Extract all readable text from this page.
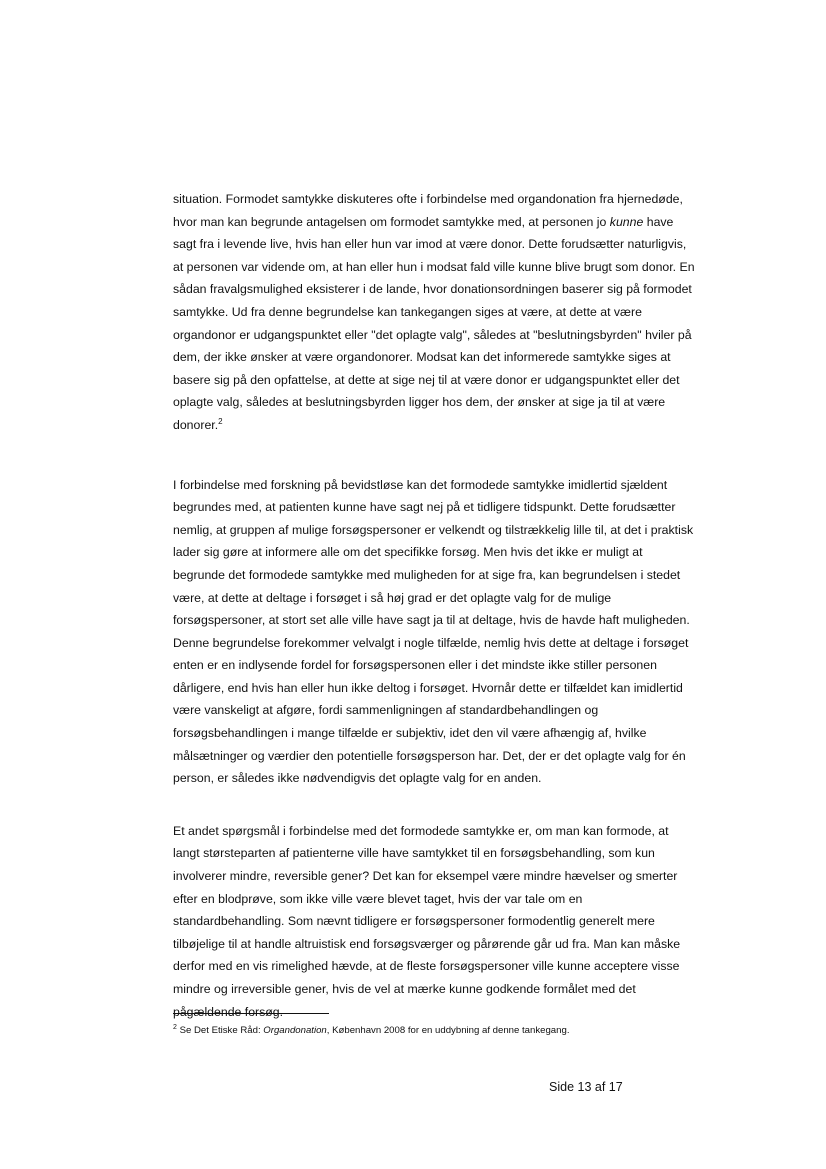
situation. Formodet samtykke diskuteres ofte i forbindelse med organdonation fra hjernedøde,
hvor man kan begrunde antagelsen om formodet samtykke med, at personen jo kunne have
sagt fra i levende live, hvis han eller hun var imod at være donor. Dette forudsætter naturligvis,
at personen var vidende om, at han eller hun i modsat fald ville kunne blive brugt som donor. En
sådan fravalgsmulighed eksisterer i de lande, hvor donationsordningen baserer sig på formodet
samtykke. Ud fra denne begrundelse kan tankegangen siges at være, at dette at være
organdonor er udgangspunktet eller "det oplagte valg", således at "beslutningsbyrden" hviler på
dem, der ikke ønsker at være organdonorer. Modsat kan det informerede samtykke siges at
basere sig på den opfattelse, at dette at sige nej til at være donor er udgangspunktet eller det
oplagte valg, således at beslutningsbyrden ligger hos dem, der ønsker at sige ja til at være
donorer.$^2$

I forbindelse med forskning på bevidstløse kan det formodede samtykke imidlertid sjældent
begrundes med, at patienten kunne have sagt nej på et tidligere tidspunkt. Dette forudsætter
nemlig, at gruppen af mulige forsøgspersoner er velkendt og tilstrækkelig lille til, at det i praktisk
lader sig gøre at informere alle om det specifikke forsøg. Men hvis det ikke er muligt at
begrunde det formodede samtykke med muligheden for at sige fra, kan begrundelsen i stedet
være, at dette at deltage i forsøget i så høj grad er det oplagte valg for de mulige
forsøgspersoner, at stort set alle ville have sagt ja til at deltage, hvis de havde haft muligheden.
Denne begrundelse forekommer velvalgt i nogle tilfælde, nemlig hvis dette at deltage i forsøget
enten er en indlysende fordel for forsøgspersonen eller i det mindste ikke stiller personen
dårligere, end hvis han eller hun ikke deltog i forsøget. Hvornår dette er tilfældet kan imidlertid
være vanskeligt at afgøre, fordi sammenligningen af standardbehandlingen og
forsøgsbehandlingen i mange tilfælde er subjektiv, idet den vil være afhængig af, hvilke
målsætninger og værdier den potentielle forsøgsperson har. Det, der er det oplagte valg for én
person, er således ikke nødvendigvis det oplagte valg for en anden.

Et andet spørgsmål i forbindelse med det formodede samtykke er, om man kan formode, at
langt størsteparten af patienterne ville have samtykket til en forsøgsbehandling, som kun
involverer mindre, reversible gener? Det kan for eksempel være mindre hævelser og smerter
efter en blodprøve, som ikke ville være blevet taget, hvis der var tale om en
standardbehandling. Som nævnt tidligere er forsøgspersoner formodentlig generelt mere
tilbøjelige til at handle altruistisk end forsøgsværger og pårørende går ud fra. Man kan måske
derfor med en vis rimelighed hævde, at de fleste forsøgspersoner ville kunne acceptere visse
mindre og irreversible gener, hvis de vel at mærke kunne godkende formålet med det
pågældende forsøg.

$^2$ Se Det Etiske Råd: Organdonation, København 2008 for en uddybning af denne tankegang.
Side 13 af 17
